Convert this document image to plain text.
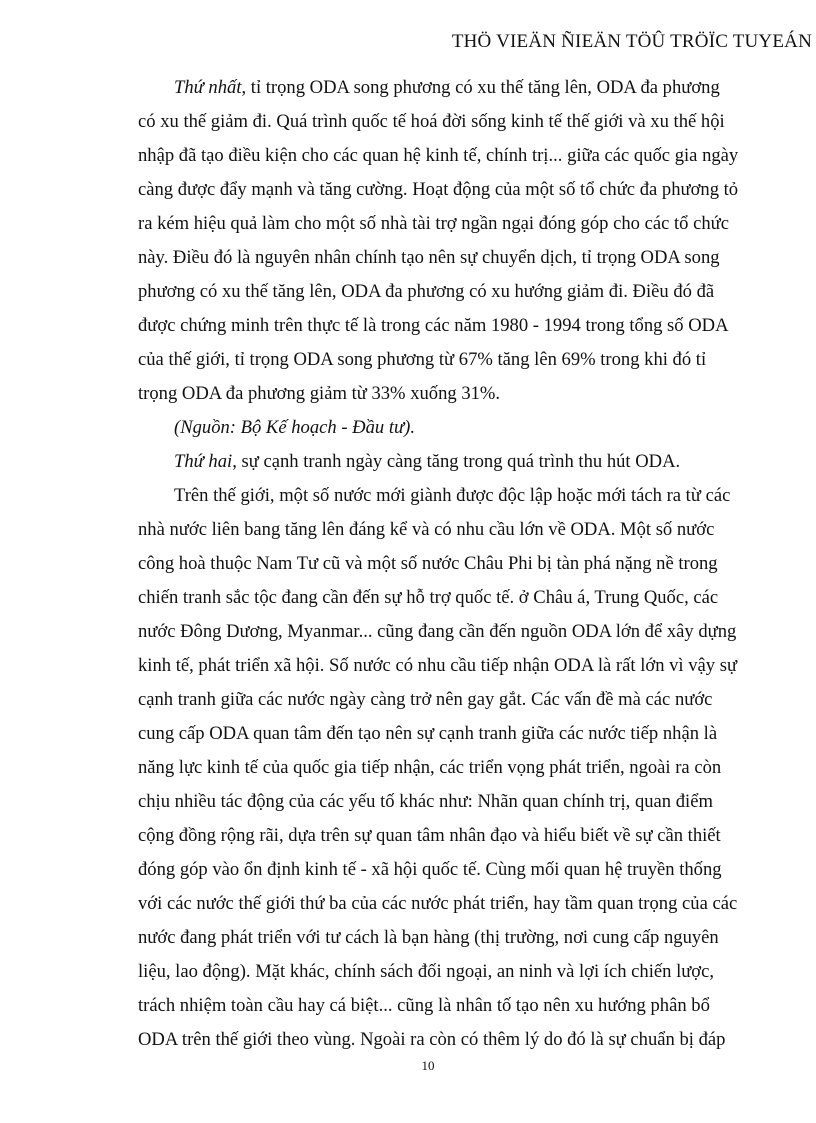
THÖ VIEÄN ÑIEÄN TÖÛ TRÖÏC TUYEÁN
Thứ nhất, tỉ trọng ODA song phương có xu thế tăng lên, ODA đa phương
có xu thế giảm đi. Quá trình quốc tế hoá đời sống kinh tế thế giới và xu thế hội
nhập đã tạo điều kiện cho các quan hệ kinh tế, chính trị... giữa các quốc gia ngày
càng được đẩy mạnh và tăng cường. Hoạt động của một số tổ chức đa phương tỏ
ra kém hiệu quả làm cho một số nhà tài trợ ngần ngại đóng góp cho các tổ chức
này. Điều đó là nguyên nhân chính tạo nên sự chuyển dịch, tỉ trọng ODA song
phương có xu thế tăng lên, ODA đa phương có xu hướng giảm đi. Điều đó đã
được chứng minh trên thực tế là trong các năm 1980 - 1994 trong tổng số ODA
của thế giới, tỉ trọng ODA song phương từ 67% tăng lên 69% trong khi đó tỉ
trọng ODA đa phương giảm từ 33% xuống 31%.
(Nguồn: Bộ Kế hoạch - Đầu tư).
Thứ hai, sự cạnh tranh ngày càng tăng trong quá trình thu hút ODA.
Trên thế giới, một số nước mới giành được độc lập hoặc mới tách ra từ các
nhà nước liên bang tăng lên đáng kể và có nhu cầu lớn về ODA. Một số nước
công hoà thuộc Nam Tư cũ và một số nước Châu Phi bị tàn phá nặng nề trong
chiến tranh sắc tộc đang cần đến sự hỗ trợ quốc tế. ở Châu á, Trung Quốc, các
nước Đông Dương, Myanmar... cũng đang cần đến nguồn ODA lớn để xây dựng
kinh tế, phát triển xã hội. Số nước có nhu cầu tiếp nhận ODA là rất lớn vì vậy sự
cạnh tranh giữa các nước ngày càng trở nên gay gắt. Các vấn đề mà các nước
cung cấp ODA quan tâm đến tạo nên sự cạnh tranh giữa các nước tiếp nhận là
năng lực kinh tế của quốc gia tiếp nhận, các triển vọng phát triển, ngoài ra còn
chịu nhiều tác động của các yếu tố khác như: Nhãn quan chính trị, quan điểm
cộng đồng rộng rãi, dựa trên sự quan tâm nhân đạo và hiểu biết về sự cần thiết
đóng góp vào ổn định kinh tế - xã hội quốc tế. Cùng mối quan hệ truyền thống
với các nước thế giới thứ ba của các nước phát triển, hay tầm quan trọng của các
nước đang phát triển với tư cách là bạn hàng (thị trường, nơi cung cấp nguyên
liệu, lao động). Mặt khác, chính sách đối ngoại, an ninh và lợi ích chiến lược,
trách nhiệm toàn cầu hay cá biệt... cũng là nhân tố tạo nên xu hướng phân bổ
ODA trên thế giới theo vùng. Ngoài ra còn có thêm lý do đó là sự chuẩn bị đáp
10
